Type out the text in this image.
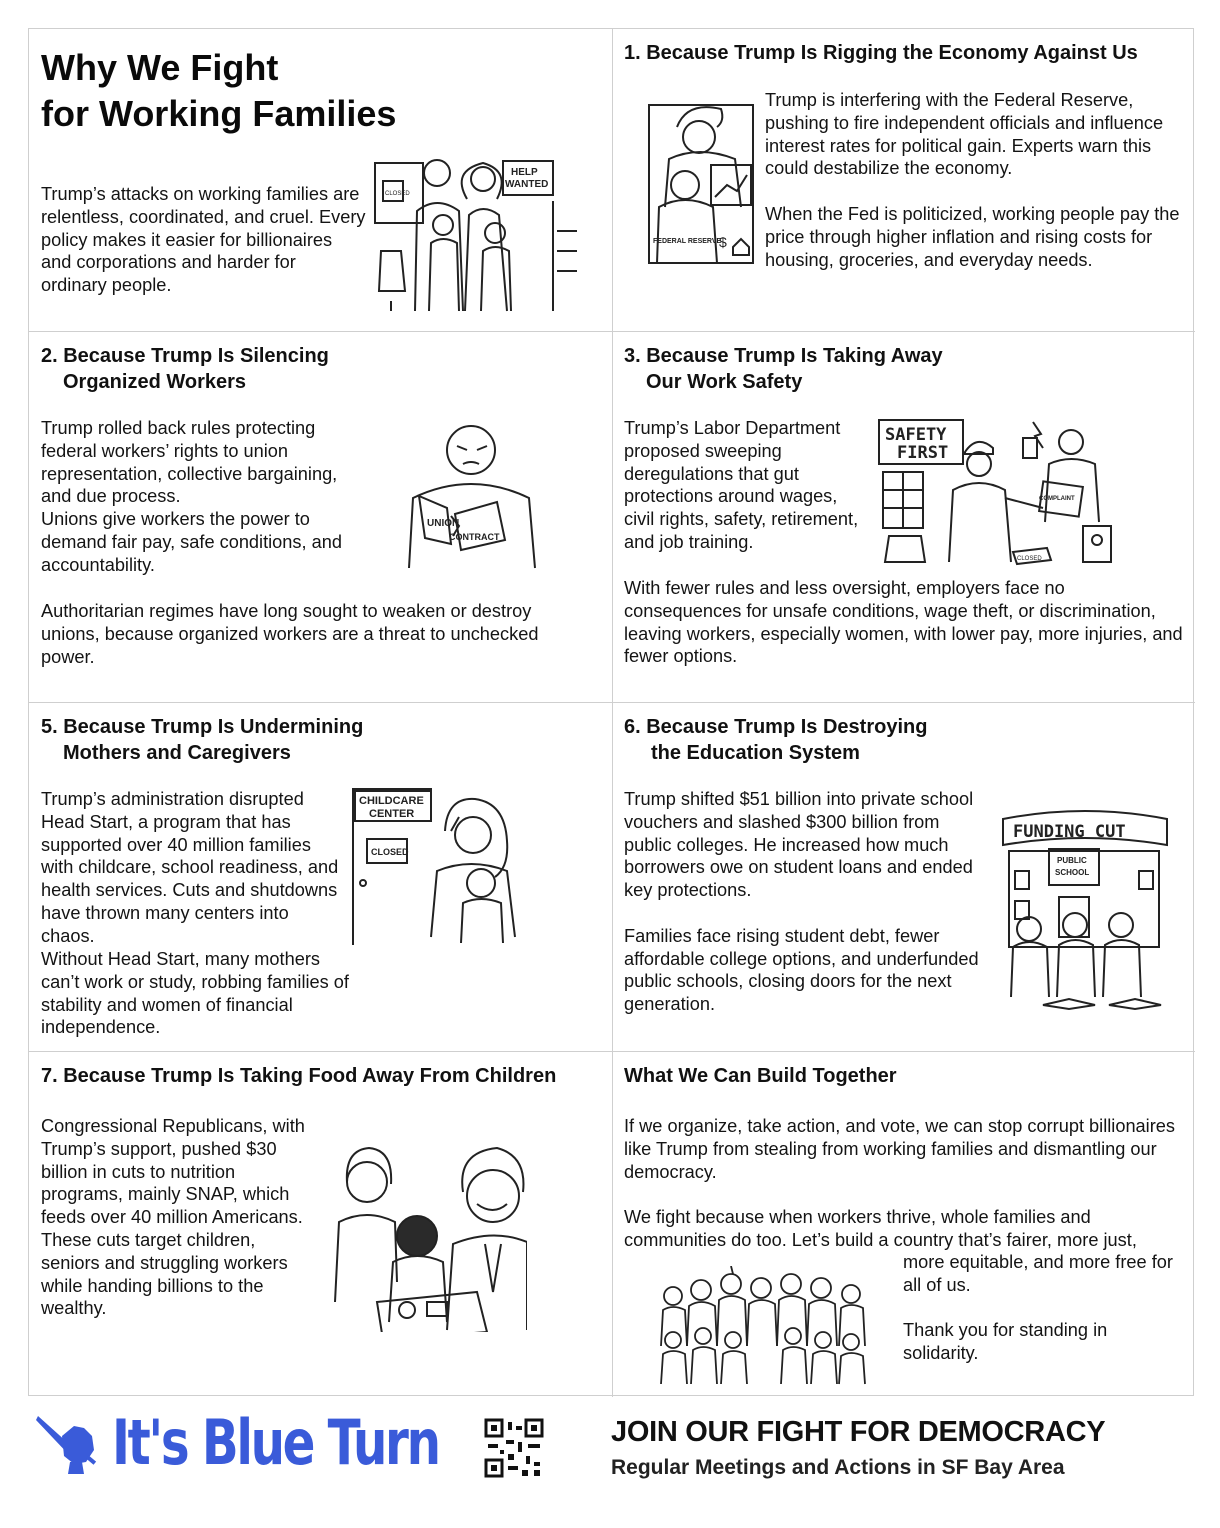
Why We Fight
for Working Families

Trump’s attacks on working families are relentless, coordinated, and cruel. Every policy makes it easier for billionaires and corporations and harder for ordinary people.

CLOSED
HELP
WANTED
1. Because Trump Is Rigging the Economy Against Us
FEDERAL RESERVE
$

Trump is interfering with the Federal Reserve, pushing to fire independent officials and influence interest rates for political gain. Experts warn this could destabilize the economy.

When the Fed is politicized, working people pay the price through higher inflation and rising costs for housing, groceries, and everyday needs.

2. Because Trump Is Silencing
Organized Workers
Trump rolled back rules protecting federal workers’ rights to union representation, collective bargaining, and due process.
Unions give workers the power to demand fair pay, safe conditions, and accountability.

Authoritarian regimes have long sought to weaken or destroy unions, because organized workers are a threat to unchecked power.

UNION
CONTRACT
3. Because Trump Is Taking Away
Our Work Safety

Trump’s Labor Department proposed sweeping deregulations that gut protections around wages, civil rights, safety, retirement, and job training.

With fewer rules and less oversight, employers face no consequences for unsafe conditions, wage theft, or discrimination, leaving workers, especially women, with lower pay, more injuries, and fewer options.

SAFETY
FIRST
COMPLAINT
CLOSED
5. Because Trump Is Undermining
Mothers and Caregivers

Trump’s administration disrupted Head Start, a program that has supported over 40 million families with childcare, school readiness, and health services. Cuts and shutdowns have thrown many centers into chaos.

Without Head Start, many mothers can’t work or study, robbing families of stability and women of financial independence.
CHILDCARE
CENTER
CLOSED
6. Because Trump Is Destroying
the Education System

Trump shifted $51 billion into private school vouchers and slashed $300 billion from public colleges. He increased how much borrowers owe on student loans and ended key protections.

Families face rising student debt, fewer affordable college options, and underfunded public schools, closing doors for the next generation.

FUNDING CUT
PUBLIC
SCHOOL
7. Because Trump Is Taking Food Away From Children

Congressional Republicans, with Trump’s support, pushed $30 billion in cuts to nutrition programs, mainly SNAP, which feeds over 40 million Americans. These cuts target children, seniors and struggling workers while handing billions to the wealthy.

What We Can Build Together

If we organize, take action, and vote, we can stop corrupt billionaires like Trump from stealing from working families and dismantling our democracy.

We fight because when workers thrive, whole families and communities do too. Let’s build a country that’s fairer, more just,

more equitable, and more free for all of us.

Thank you for standing in solidarity.

It's Blue Turn	JOIN OUR FIGHT FOR DEMOCRACY
Regular Meetings and Actions in SF Bay Area
